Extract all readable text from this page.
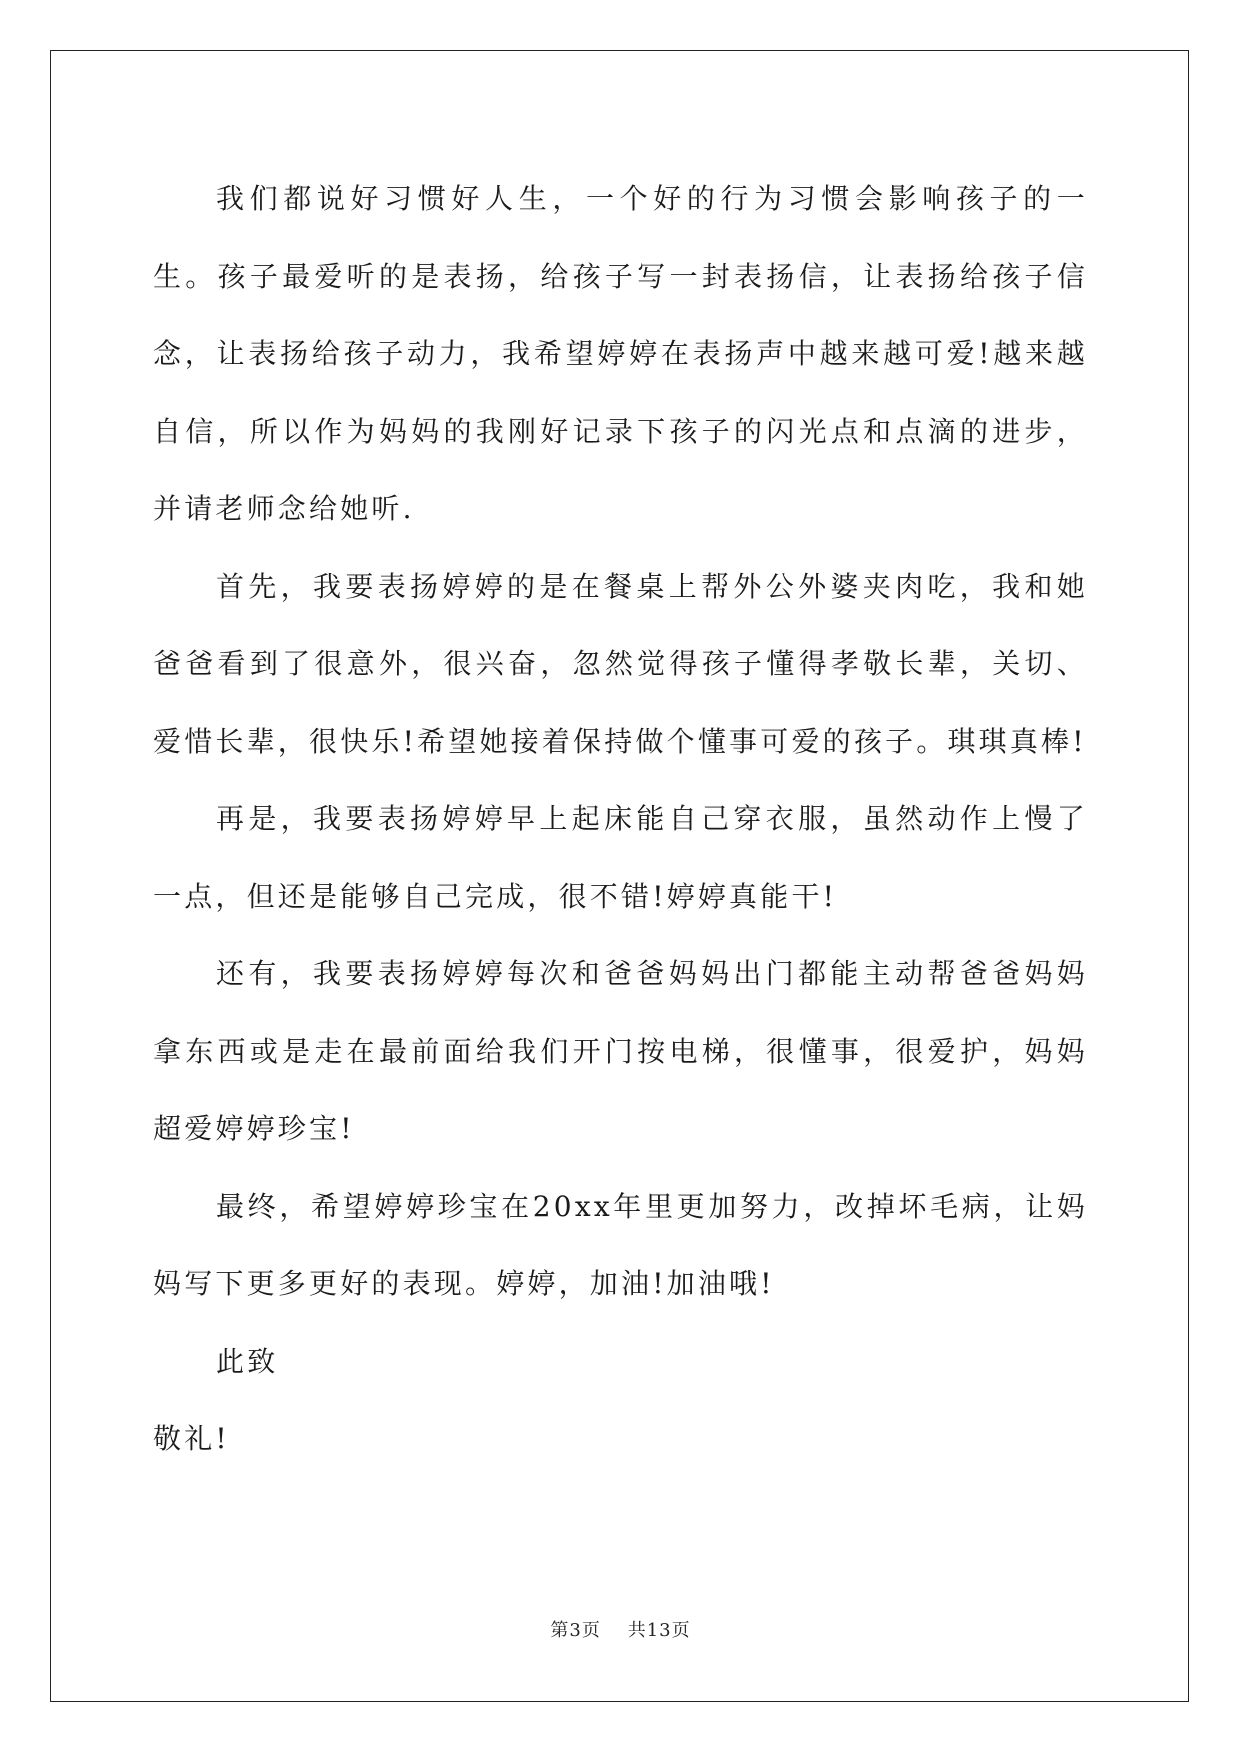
我们都说好习惯好人生，一个好的行为习惯会影响孩子的一生。孩子最爱听的是表扬，给孩子写一封表扬信，让表扬给孩子信念，让表扬给孩子动力，我希望婷婷在表扬声中越来越可爱!越来越自信，所以作为妈妈的我刚好记录下孩子的闪光点和点滴的进步，并请老师念给她听.

首先，我要表扬婷婷的是在餐桌上帮外公外婆夹肉吃，我和她爸爸看到了很意外，很兴奋，忽然觉得孩子懂得孝敬长辈，关切、爱惜长辈，很快乐!希望她接着保持做个懂事可爱的孩子。琪琪真棒!

再是，我要表扬婷婷早上起床能自己穿衣服，虽然动作上慢了一点，但还是能够自己完成，很不错!婷婷真能干!

还有，我要表扬婷婷每次和爸爸妈妈出门都能主动帮爸爸妈妈拿东西或是走在最前面给我们开门按电梯，很懂事，很爱护，妈妈超爱婷婷珍宝!

最终，希望婷婷珍宝在20xx年里更加努力，改掉坏毛病，让妈妈写下更多更好的表现。婷婷，加油!加油哦!

此致

敬礼!

第3页 共13页
